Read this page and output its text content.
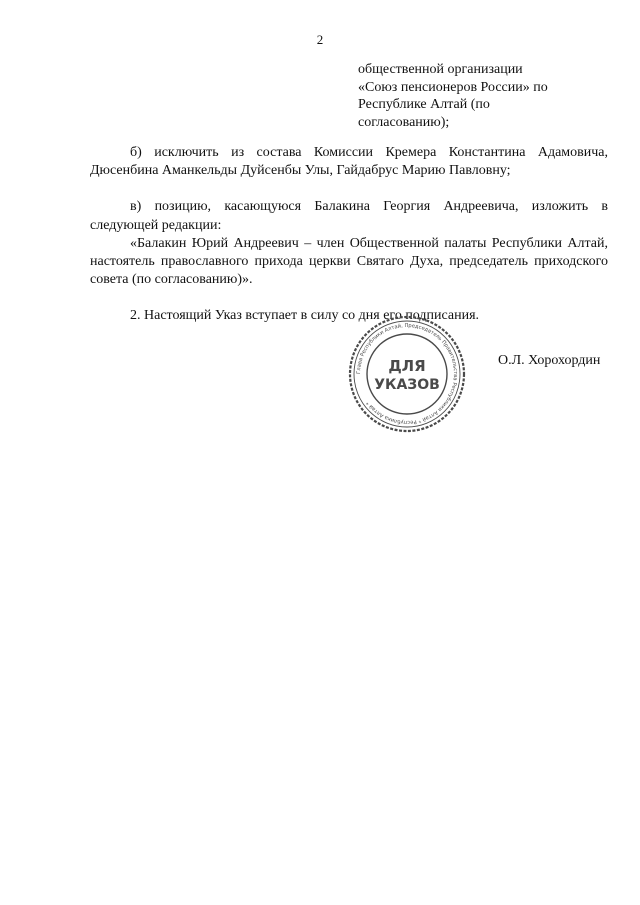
2
общественной организации
«Союз пенсионеров России» по
Республике Алтай (по
согласованию);

б) исключить из состава Комиссии Кремера Константина Адамовича, Дюсенбина Аманкельды Дуйсенбы Улы, Гайдабрус Марию Павловну;

в) позицию, касающуюся Балакина Георгия Андреевича, изложить в следующей редакции:

«Балакин Юрий Андреевич – член Общественной палаты Республики Алтай, настоятель православного прихода церкви Святаго Духа, председатель приходского совета (по согласованию)».

2. Настоящий Указ вступает в силу со дня его подписания.

Глава Республики Алтай, Председатель Правительства Республики Алтай * Республика Алтай *
ДЛЯ
УКАЗОВ
О.Л. Хорохордин
